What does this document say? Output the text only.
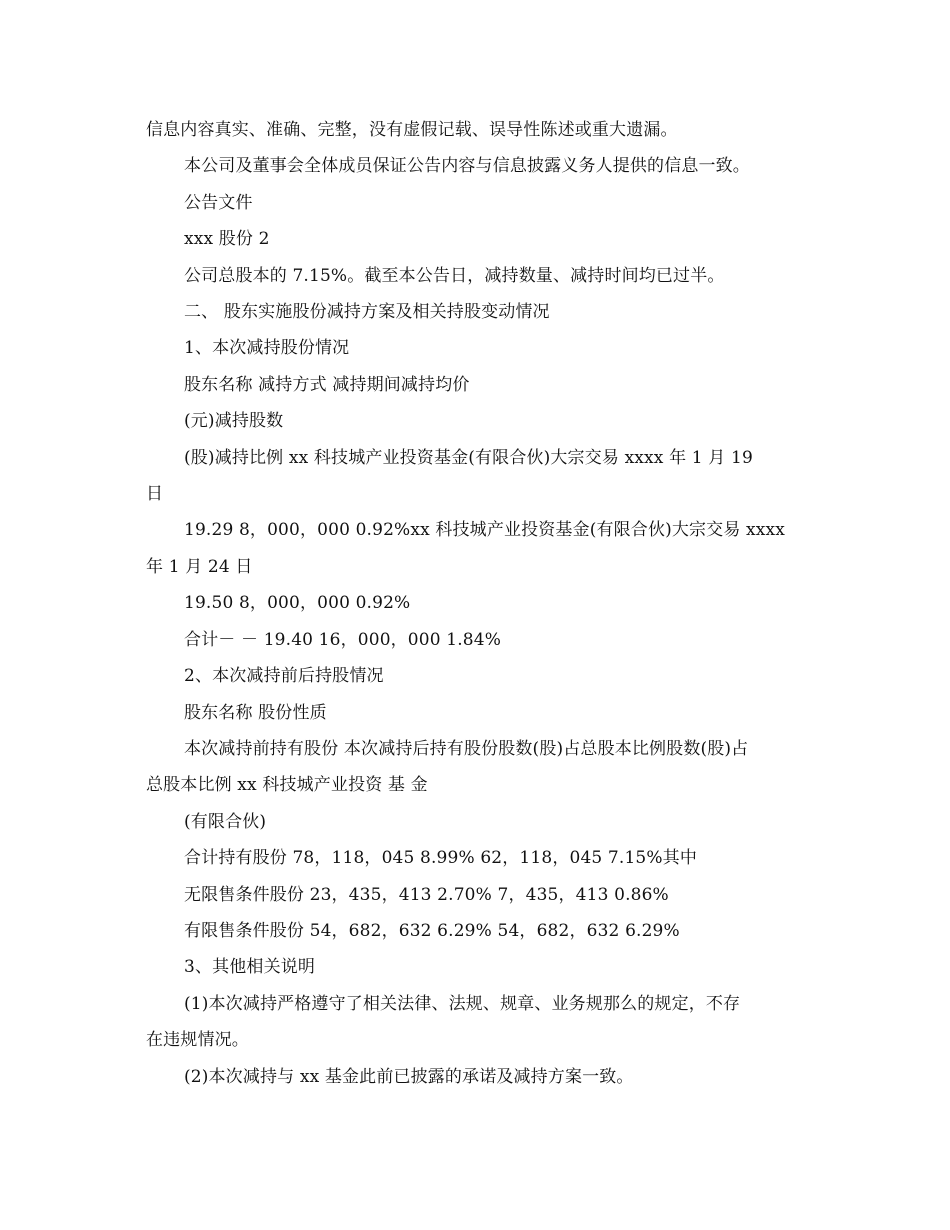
信息内容真实、准确、完整，没有虚假记载、误导性陈述或重大遗漏。

本公司及董事会全体成员保证公告内容与信息披露义务人提供的信息一致。

公告文件

xxx 股份 2

公司总股本的 7.15%。截至本公告日，减持数量、减持时间均已过半。

二、 股东实施股份减持方案及相关持股变动情况

1、本次减持股份情况

股东名称 减持方式 减持期间减持均价

(元)减持股数

(股)减持比例 xx 科技城产业投资基金(有限合伙)大宗交易 xxxx 年 1 月 19

日

19.29 8，000，000 0.92%xx 科技城产业投资基金(有限合伙)大宗交易 xxxx

年 1 月 24 日

19.50 8，000，000 0.92%

合计－ － 19.40 16，000，000 1.84%

2、本次减持前后持股情况

股东名称 股份性质

本次减持前持有股份 本次减持后持有股份股数(股)占总股本比例股数(股)占

总股本比例 xx 科技城产业投资 基 金

(有限合伙)

合计持有股份 78，118，045 8.99% 62，118，045 7.15%其中

无限售条件股份 23，435，413 2.70% 7，435，413 0.86%

有限售条件股份 54，682，632 6.29% 54，682，632 6.29%

3、其他相关说明

(1)本次减持严格遵守了相关法律、法规、规章、业务规那么的规定，不存

在违规情况。

(2)本次减持与 xx 基金此前已披露的承诺及减持方案一致。
